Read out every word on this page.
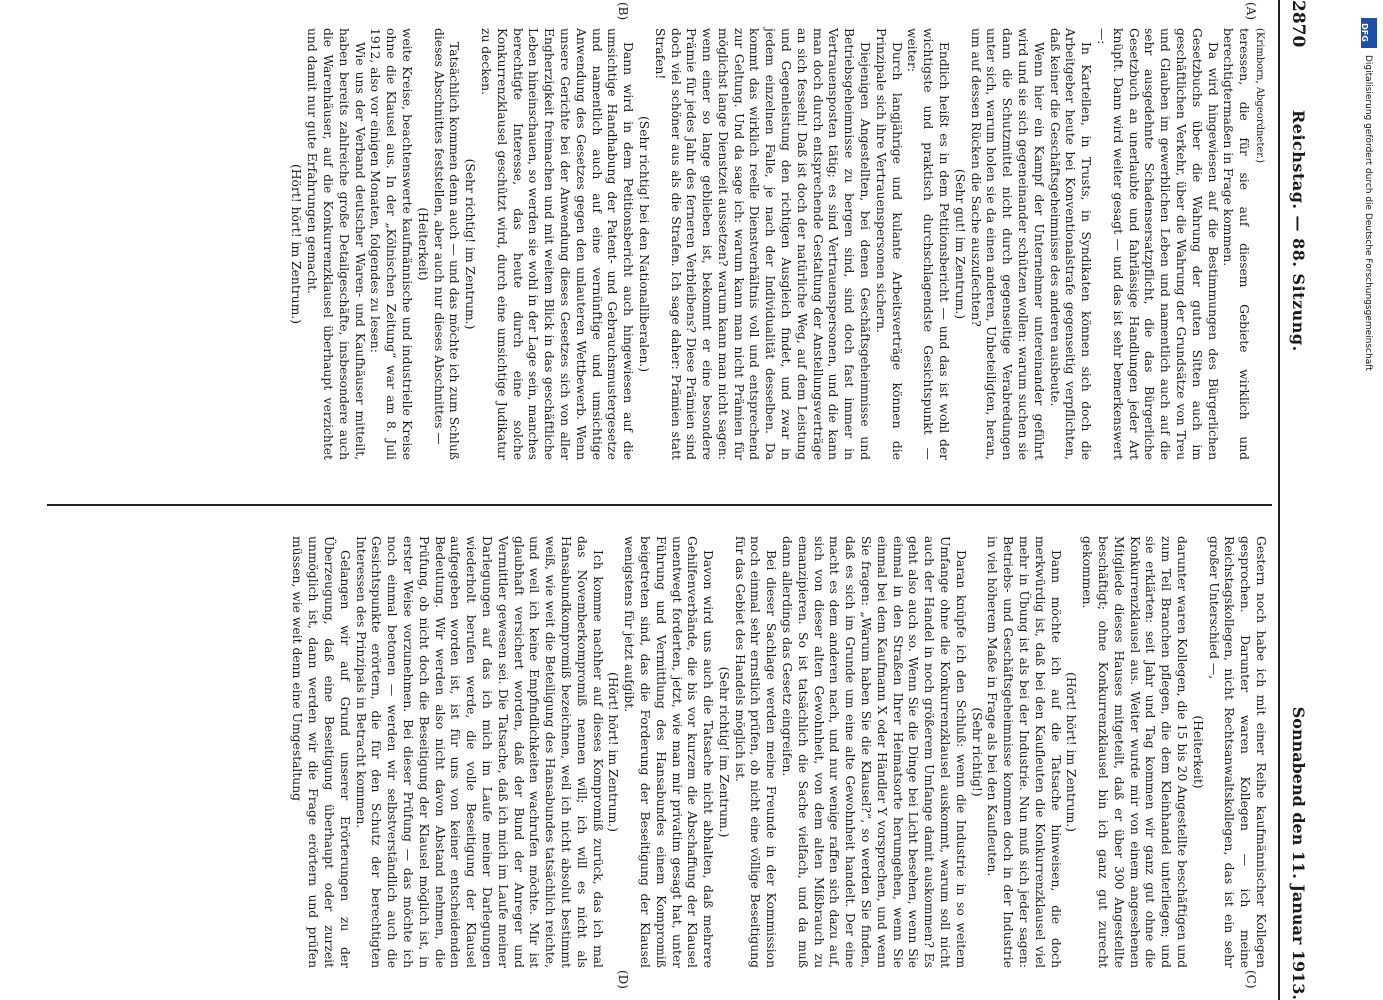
2870
Reichstag. — 88. Sitzung.
Sonnabend den 11. Januar 1913.
(A)
(B)
(C)
(D)

(Krimborn, Abgeordneter.)

teressen, die für sie auf diesem Gebiete wirklich und berechtigtermaßen in Frage kommen.

Da wird hingewiesen auf die Bestimmungen des Bürgerlichen Gesetzbuchs über die Wahrung der guten Sitten auch im geschäftlichen Verkehr, über die Wahrung der Grundsätze von Treu und Glauben im gewerblichen Leben und namentlich auch auf die sehr ausgedehnte Schadensersatzpflicht, die das Bürgerliche Gesetzbuch an unerlaubte und fahrlässige Handlungen jeder Art knüpft. Dann wird weiter gesagt — und das ist sehr bemerkenswert —:

In Kartellen, in Trusts, in Syndikaten können sich doch die Arbeitgeber heute bei Konventionalstrafe gegenseitig verpflichten, daß keiner die Geschäftsgeheimnisse des anderen ausbeute.

Wenn hier ein Kampf der Unternehmer untereinander geführt wird und sie sich gegeneinander schützen wollen: warum suchen sie dann die Schutzmittel nicht durch gegenseitige Verabredungen unter sich, warum holen sie da einen anderen, Unbeteiligten, heran, um auf dessen Rücken die Sache auszufechten?

(Sehr gut! im Zentrum.)

Endlich heißt es in dem Petitionsbericht — und das ist wohl der wichtigste und praktisch durchschlagendste Gesichtspunkt — weiter:

Durch langjährige und kulante Arbeitsverträge können die Prinzipale sich ihre Vertrauenspersonen sichern.

Diejenigen Angestellten, bei denen Geschäftsgeheimnisse und Betriebsgeheimnisse zu bergen sind, sind doch fast immer in Vertrauensposten tätig; es sind Vertrauenspersonen, und die kann man doch durch entsprechende Gestaltung der Anstellungsverträge an sich fesseln! Daß ist doch der natürliche Weg, auf dem Leistung und Gegenleistung den richtigen Ausgleich findet, und zwar in jedem einzelnen Falle, je nach der Individualität desselben. Da kommt das wirklich reelle Dienstverhältnis voll und entsprechend zur Geltung. Und da sage ich: warum kann man nicht Prämien für möglichst lange Dienstzeit aussetzen? warum kann man nicht sagen: wenn einer so lange geblieben ist, bekommt er eine besondere Prämie für jedes Jahr des ferneren Verbleibens? Diese Prämien sind doch viel schöner aus als die Strafen. Ich sage daher: Prämien statt Strafen!

(Sehr richtig! bei den Nationalliberalen.)

Dann wird in dem Petitionsbericht auch hingewiesen auf die umsichtige Handhabung der Patent- und Gebrauchsmustergesetze und namentlich auch auf eine vernünftige und umsichtige Anwendung des Gesetzes gegen den unlauteren Wettbewerb. Wenn unsere Gerichte bei der Anwendung dieses Gesetzes sich von aller Engherzigkeit freimachen und mit weitem Blick in das geschäftliche Leben hineinschauen, so werden sie wohl in der Lage sein, manches berechtigte Interesse, das heute durch eine solche Konkurrenzklausel geschützt wird, durch eine umsichtige Judikatur zu decken.

(Sehr richtig! im Zentrum.)

Tatsächlich kommen denn auch — und das möchte ich zum Schluß dieses Abschnittes feststellen, aber auch nur dieses Abschnittes —

(Heiterkeit)

weite Kreise, beachtenswerte kaufmännische und industrielle Kreise ohne die Klausel aus. In der „Kölnischen Zeitung“ war am 8. Juli 1912, also vor einigen Monaten, folgendes zu lesen:

Wie uns der Verband deutscher Waren- und Kaufhäuser mitteilt, haben bereits zahlreiche große Detailgeschäfte, insbesondere auch die Warenhäuser, auf die Konkurrenzklausel überhaupt verzichtet und damit nur gute Erfahrungen gemacht.

(Hört! hört! im Zentrum.)

Gestern noch habe ich mit einer Reihe kaufmännischer Kollegen gesprochen. Darunter waren Kollegen — ich meine Reichstagskollegen, nicht Rechtsanwaltskollegen, das ist ein sehr großer Unterschied —,

(Heiterkeit)

darunter waren Kollegen, die 15 bis 20 Angestellte beschäftigen und zum Teil Branchen pflegen, die dem Kleinhandel unterliegen; und sie erklärten: seit Jahr und Tag kommen wir ganz gut ohne die Konkurrenzklausel aus. Weiter wurde mir von einem angesehenen Mitgliede dieses Hauses mitgeteilt, daß er über 300 Angestellte beschäftigt; ohne Konkurrenzklausel bin ich ganz gut zurecht gekommen.

(Hört! hört! im Zentrum.)

Dann möchte ich auf die Tatsache hinweisen, die doch merkwürdig ist, daß bei den Kaufleuten die Konkurrenzklausel viel mehr in Übung ist als bei der Industrie. Nun muß sich jeder sagen: Betriebs- und Geschäftsgeheimnisse kommen doch in der Industrie in viel höherem Maße in Frage als bei den Kaufleuten.

(Sehr richtig!)

Daran knüpfe ich den Schluß: wenn die Industrie in so weitem Umfange ohne die Konkurrenzklausel auskommt, warum soll nicht auch der Handel in noch größerem Umfange damit auskommen? Es geht also auch so. Wenn Sie die Dinge bei Licht besehen, wenn Sie einmal in den Straßen Ihrer Heimatsorte herumgehen, wenn Sie einmal bei dem Kaufmann X oder Händler Y vorsprechen, und wenn Sie fragen: „Warum haben Sie die Klausel?“, so werden Sie finden, daß es sich im Grunde um eine alte Gewohnheit handelt. Der eine macht es dem anderen nach, und nur wenige raffen sich dazu auf, sich von dieser alten Gewohnheit, von dem alten Mißbrauch zu emanzipieren. So ist tatsächlich die Sache vielfach, und da muß dann allerdings das Gesetz eingreifen.

Bei dieser Sachlage werden meine Freunde in der Kommission noch einmal sehr ernstlich prüfen, ob nicht eine völlige Beseitigung für das Gebiet des Handels möglich ist.

(Sehr richtig! im Zentrum.)

Davon wird uns auch die Tatsache nicht abhalten, daß mehrere Gehilfenverbände, die bis vor kurzem die Abschaffung der Klausel unentwegt forderten, jetzt, wie man mir privatim gesagt hat, unter Führung und Vermittlung des Hansabundes einem Kompromiß beigetreten sind, das die Forderung der Beseitigung der Klausel wenigstens für jetzt aufgibt.

(Hört! hört! im Zentrum.)

Ich komme nachher auf dieses Kompromiß zurück, das ich mal das Novemberkompromiß nennen will; ich will es nicht als Hansabundkompromiß bezeichnen, weil ich nicht absolut bestimmt weiß, wie weit die Beteiligung des Hansabundes tatsächlich reichte, und weil ich keine Empfindlichkeiten wachrufen möchte. Mir ist glaubhaft versichert worden, daß der Bund der Anreger und Vermittler gewesen sei. Die Tatsache, daß ich mich im Laufe meiner Darlegungen auf das ich mich im Laufe meiner Darlegungen wiederholt berufen werde, die volle Beseitigung der Klausel aufgegeben worden ist, ist für uns von keiner entscheidenden Bedeutung. Wir werden also nicht davon Abstand nehmen, die Prüfung, ob nicht doch die Beseitigung der Klausel möglich ist, in erster Weise vorzunehmen. Bei dieser Prüfung — das möchte ich noch einmal betonen — werden wir selbstverständlich auch die Gesichtspunkte erörtern, die für den Schutz der berechtigten Interessen des Prinzipals in Betracht kommen.

Gelangen wir auf Grund unserer Erörterungen zu der Überzeugung, daß eine Beseitigung überhaupt oder zurzeit unmöglich ist, dann werden wir die Frage erörtern und prüfen müssen, wie weit denn eine Umgestaltung

DFG
Digitalisierung gefördert durch die Deutsche Forschungsgemeinschaft
